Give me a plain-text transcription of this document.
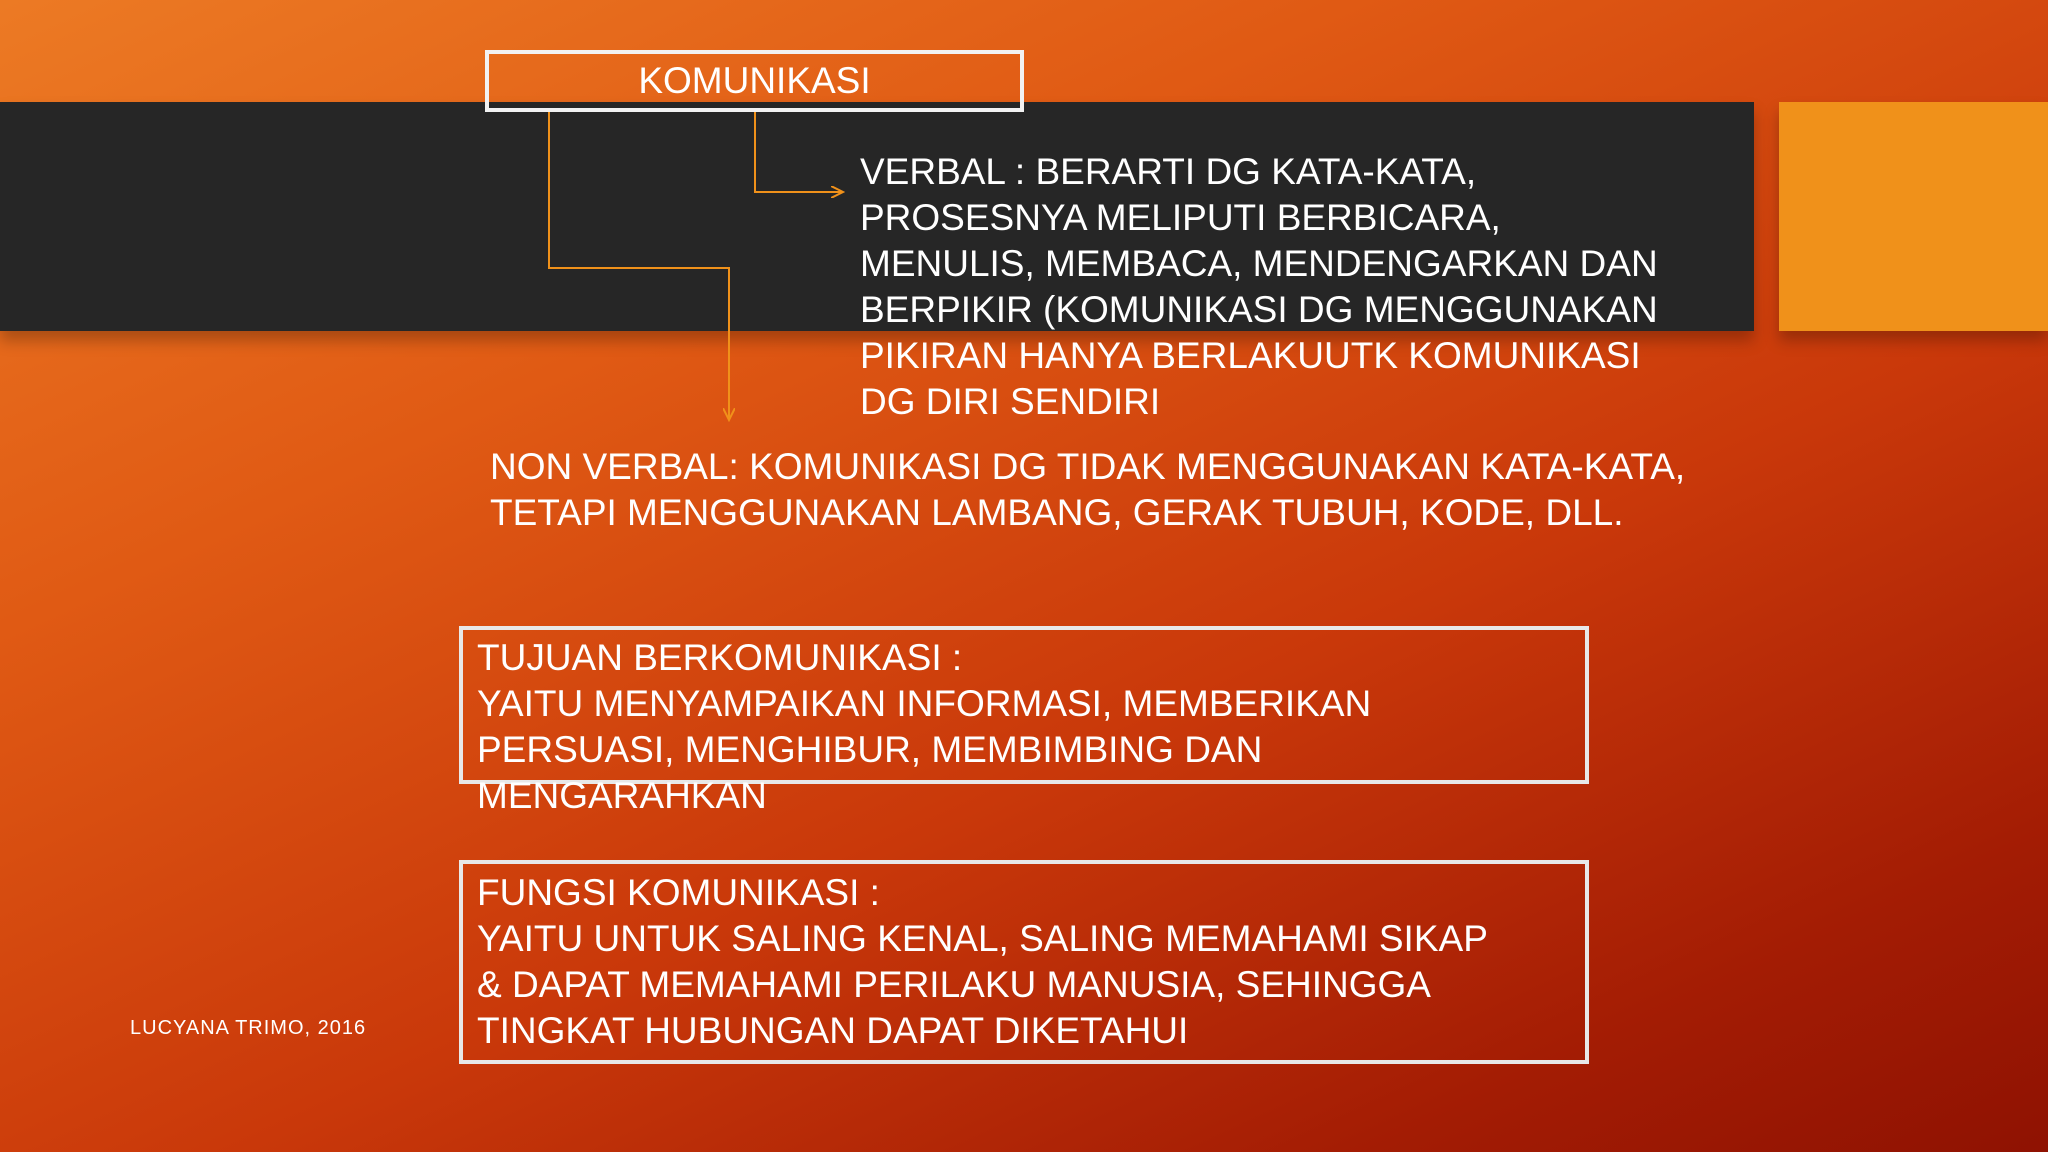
KOMUNIKASI
VERBAL : BERARTI DG KATA-KATA,
PROSESNYA MELIPUTI BERBICARA,
MENULIS, MEMBACA, MENDENGARKAN DAN
BERPIKIR (KOMUNIKASI DG MENGGUNAKAN
PIKIRAN HANYA BERLAKUUTK KOMUNIKASI
DG DIRI SENDIRI
NON VERBAL: KOMUNIKASI DG TIDAK MENGGUNAKAN KATA-KATA,
TETAPI MENGGUNAKAN LAMBANG, GERAK TUBUH, KODE, DLL.
TUJUAN BERKOMUNIKASI :
YAITU MENYAMPAIKAN INFORMASI, MEMBERIKAN
PERSUASI, MENGHIBUR, MEMBIMBING DAN
MENGARAHKAN
FUNGSI KOMUNIKASI :
YAITU UNTUK SALING KENAL, SALING MEMAHAMI SIKAP
& DAPAT MEMAHAMI PERILAKU MANUSIA, SEHINGGA
TINGKAT HUBUNGAN DAPAT DIKETAHUI
LUCYANA TRIMO, 2016
